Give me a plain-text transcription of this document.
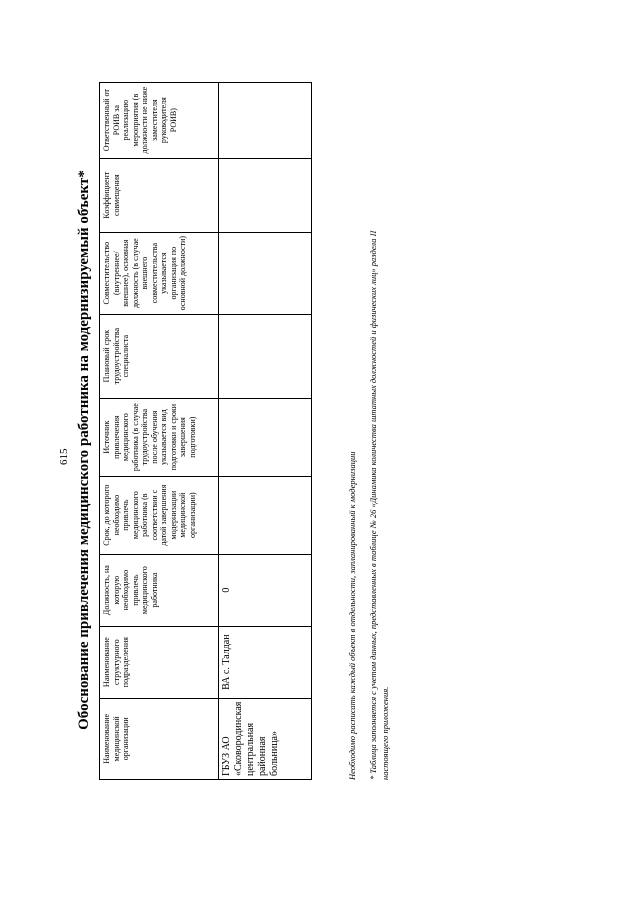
615 Обоснование привлечения медицинского работника на модернизируемый объект*
Наименование медицинской организации	Наименование структурного подразделения	Должность, на которую необходимо привлечь медицинского работника	Срок, до которого необходимо привлечь медицинского работника (в соответствии с датой завершения модернизации медицинской организации)	Источник привлечения медицинского работника (в случае трудоустройства после обучения указывается вид подготовки и сроки завершения подготовки)	Плановый срок трудоустройства специалиста	Совместительство (внутреннее/внешнее), основная должность (в случае внешнего совместительства указывается организация по основной должности)	Коэффициент совмещения	Ответственный от РОИВ за реализацию мероприятия (в должности не ниже заместителя руководителя РОИВ)
ГБУЗ АО «Сковородинская центральная районная больница»	ВА с. Талдан	0							Необходимо расписать каждый объект в отдельности, запланированный к модернизации * Таблица заполняется с учетом данных, представленных в таблице № 26 «Динамика количества штатных должностей и физических лиц» раздела II настоящего приложения.
